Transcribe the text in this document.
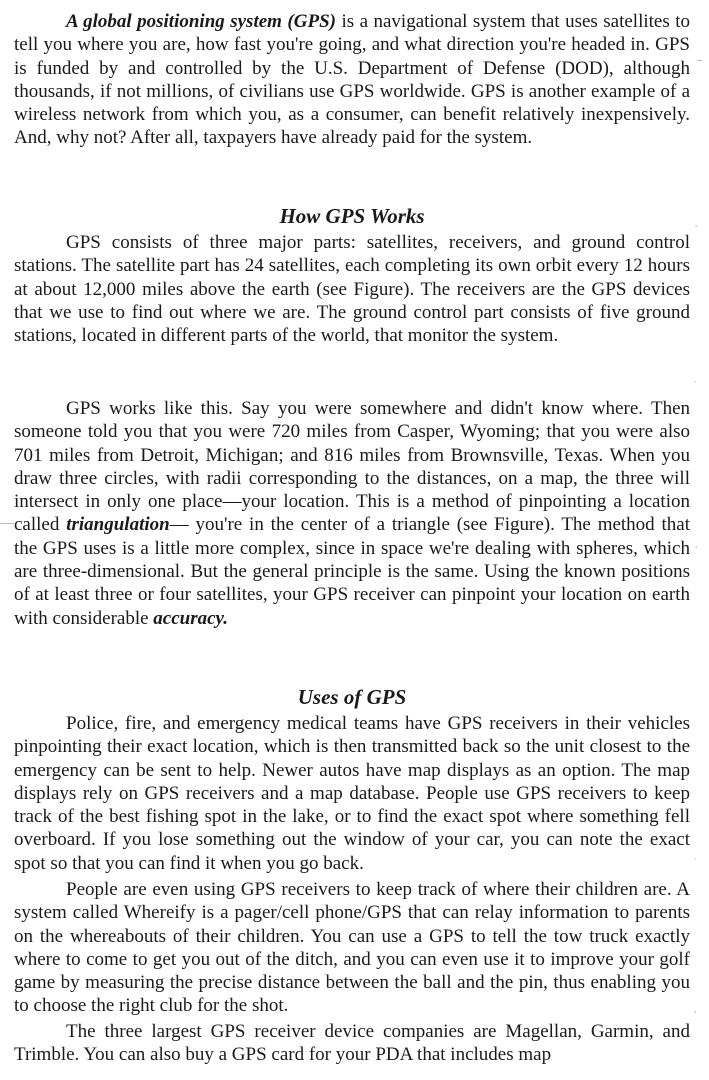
A global positioning system (GPS) is a navigational system that uses satellites to tell you where you are, how fast you're going, and what direction you're headed in. GPS is funded by and controlled by the U.S. Department of Defense (DOD), although thousands, if not millions, of civilians use GPS worldwide. GPS is another example of a wireless network from which you, as a consumer, can benefit relatively inexpensively. And, why not? After all, taxpayers have already paid for the system.

How GPS Works

GPS consists of three major parts: satellites, receivers, and ground control stations. The satellite part has 24 satellites, each completing its own orbit every 12 hours at about 12,000 miles above the earth (see Figure). The receivers are the GPS devices that we use to find out where we are. The ground control part consists of five ground stations, located in different parts of the world, that monitor the system.

GPS works like this. Say you were somewhere and didn't know where. Then someone told you that you were 720 miles from Casper, Wyoming; that you were also 701 miles from Detroit, Michigan; and 816 miles from Brownsville, Texas. When you draw three circles, with radii corresponding to the distances, on a map, the three will intersect in only one place—your location. This is a method of pinpointing a location called triangulation— you're in the center of a triangle (see Figure). The method that the GPS uses is a little more complex, since in space we're dealing with spheres, which are three-dimensional. But the general principle is the same. Using the known positions of at least three or four satellites, your GPS receiver can pinpoint your location on earth with considerable accuracy.

Uses of GPS

Police, fire, and emergency medical teams have GPS receivers in their vehicles pinpointing their exact location, which is then transmitted back so the unit closest to the emergency can be sent to help. Newer autos have map displays as an option. The map displays rely on GPS receivers and a map database. People use GPS receivers to keep track of the best fishing spot in the lake, or to find the exact spot where something fell overboard. If you lose something out the window of your car, you can note the exact spot so that you can find it when you go back.

People are even using GPS receivers to keep track of where their children are. A system called Whereify is a pager/cell phone/GPS that can relay information to parents on the whereabouts of their children. You can use a GPS to tell the tow truck exactly where to come to get you out of the ditch, and you can even use it to improve your golf game by measuring the precise distance between the ball and the pin, thus enabling you to choose the right club for the shot.

The three largest GPS receiver device companies are Magellan, Garmin, and Trimble. You can also buy a GPS card for your PDA that includes map

'
·
'
·
'
